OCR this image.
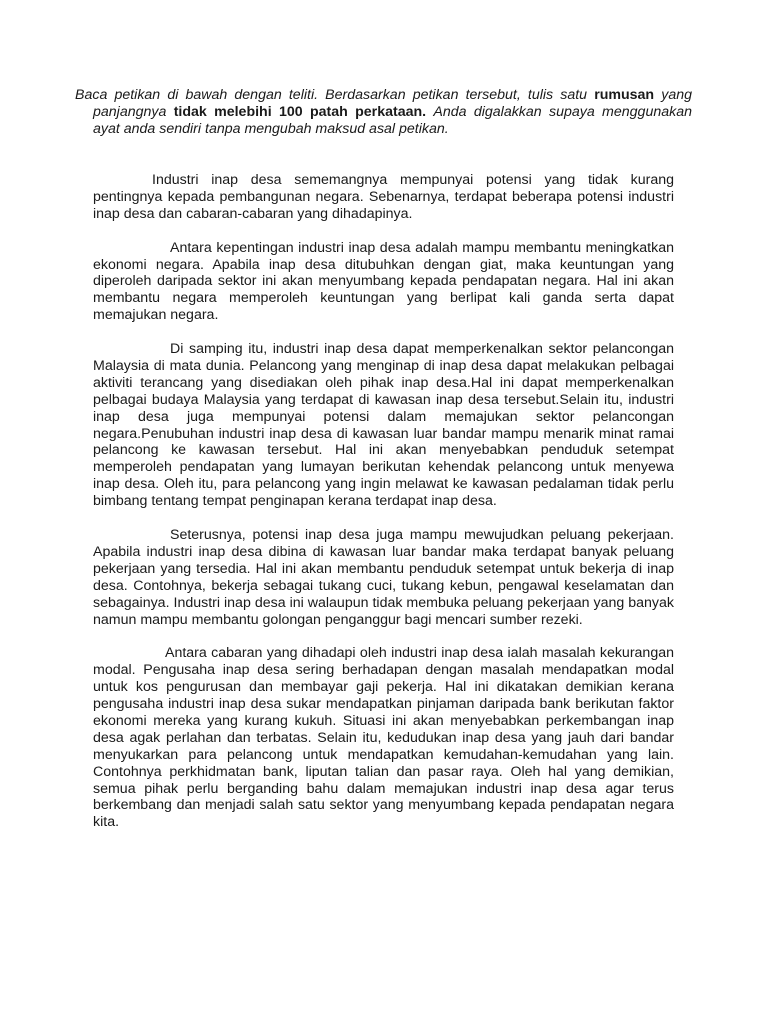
Baca petikan di bawah dengan teliti. Berdasarkan petikan tersebut, tulis satu rumusan yang panjangnya tidak melebihi 100 patah perkataan. Anda digalakkan supaya menggunakan ayat anda sendiri tanpa mengubah maksud asal petikan.

Industri inap desa sememangnya mempunyai potensi yang tidak kurang pentingnya kepada pembangunan negara. Sebenarnya, terdapat beberapa potensi industri inap desa dan cabaran-cabaran yang dihadapinya.

Antara kepentingan industri inap desa adalah mampu membantu meningkatkan ekonomi negara. Apabila inap desa ditubuhkan dengan giat, maka keuntungan yang diperoleh daripada sektor ini akan menyumbang kepada pendapatan negara. Hal ini akan membantu negara memperoleh keuntungan yang berlipat kali ganda serta dapat memajukan negara.

Di samping itu, industri inap desa dapat memperkenalkan sektor pelancongan Malaysia di mata dunia. Pelancong yang menginap di inap desa dapat melakukan pelbagai aktiviti terancang yang disediakan oleh pihak inap desa.Hal ini dapat memperkenalkan pelbagai budaya Malaysia yang terdapat di kawasan inap desa tersebut.Selain itu, industri inap desa juga mempunyai potensi dalam memajukan sektor pelancongan negara.Penubuhan industri inap desa di kawasan luar bandar mampu menarik minat ramai pelancong ke kawasan tersebut. Hal ini akan menyebabkan penduduk setempat memperoleh pendapatan yang lumayan berikutan kehendak pelancong untuk menyewa inap desa. Oleh itu, para pelancong yang ingin melawat ke kawasan pedalaman tidak perlu bimbang tentang tempat penginapan kerana terdapat inap desa.

Seterusnya, potensi inap desa juga mampu mewujudkan peluang pekerjaan. Apabila industri inap desa dibina di kawasan luar bandar maka terdapat banyak peluang pekerjaan yang tersedia. Hal ini akan membantu penduduk setempat untuk bekerja di inap desa. Contohnya, bekerja sebagai tukang cuci, tukang kebun, pengawal keselamatan dan sebagainya. Industri inap desa ini walaupun tidak membuka peluang pekerjaan yang banyak namun mampu membantu golongan penganggur bagi mencari sumber rezeki.

Antara cabaran yang dihadapi oleh industri inap desa ialah masalah kekurangan modal. Pengusaha inap desa sering berhadapan dengan masalah mendapatkan modal untuk kos pengurusan dan membayar gaji pekerja. Hal ini dikatakan demikian kerana pengusaha industri inap desa sukar mendapatkan pinjaman daripada bank berikutan faktor ekonomi mereka yang kurang kukuh. Situasi ini akan menyebabkan perkembangan inap desa agak perlahan dan terbatas. Selain itu, kedudukan inap desa yang jauh dari bandar menyukarkan para pelancong untuk mendapatkan kemudahan-kemudahan yang lain. Contohnya perkhidmatan bank, liputan talian dan pasar raya. Oleh hal yang demikian, semua pihak perlu berganding bahu dalam memajukan industri inap desa agar terus berkembang dan menjadi salah satu sektor yang menyumbang kepada pendapatan negara kita.
